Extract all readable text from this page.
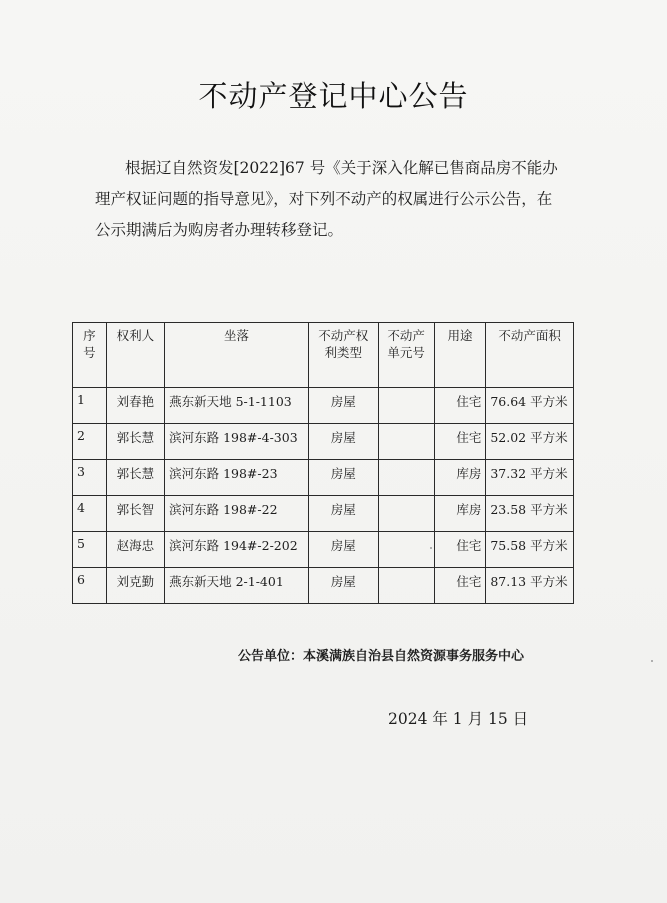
不动产登记中心公告
根据辽自然资发[2022]67 号《关于深入化解已售商品房不能办
理产权证问题的指导意见》，对下列不动产的权属进行公示公告，在
公示期满后为购房者办理转移登记。
序号	权利人	坐落	不动产权利类型	不动产单元号	用途	不动产面积
1	刘春艳	燕东新天地 5-1-1103	房屋		住宅	76.64 平方米
2	郭长慧	滨河东路 198#-4-303	房屋		住宅	52.02 平方米
3	郭长慧	滨河东路 198#-23	房屋		库房	37.32 平方米
4	郭长智	滨河东路 198#-22	房屋		库房	23.58 平方米
5	赵海忠	滨河东路 194#-2-202	房屋		住宅	75.58 平方米
6	刘克勤	燕东新天地 2-1-401	房屋		住宅	87.13 平方米
公告单位：本溪满族自治县自然资源事务服务中心
2024 年 1 月 15 日
